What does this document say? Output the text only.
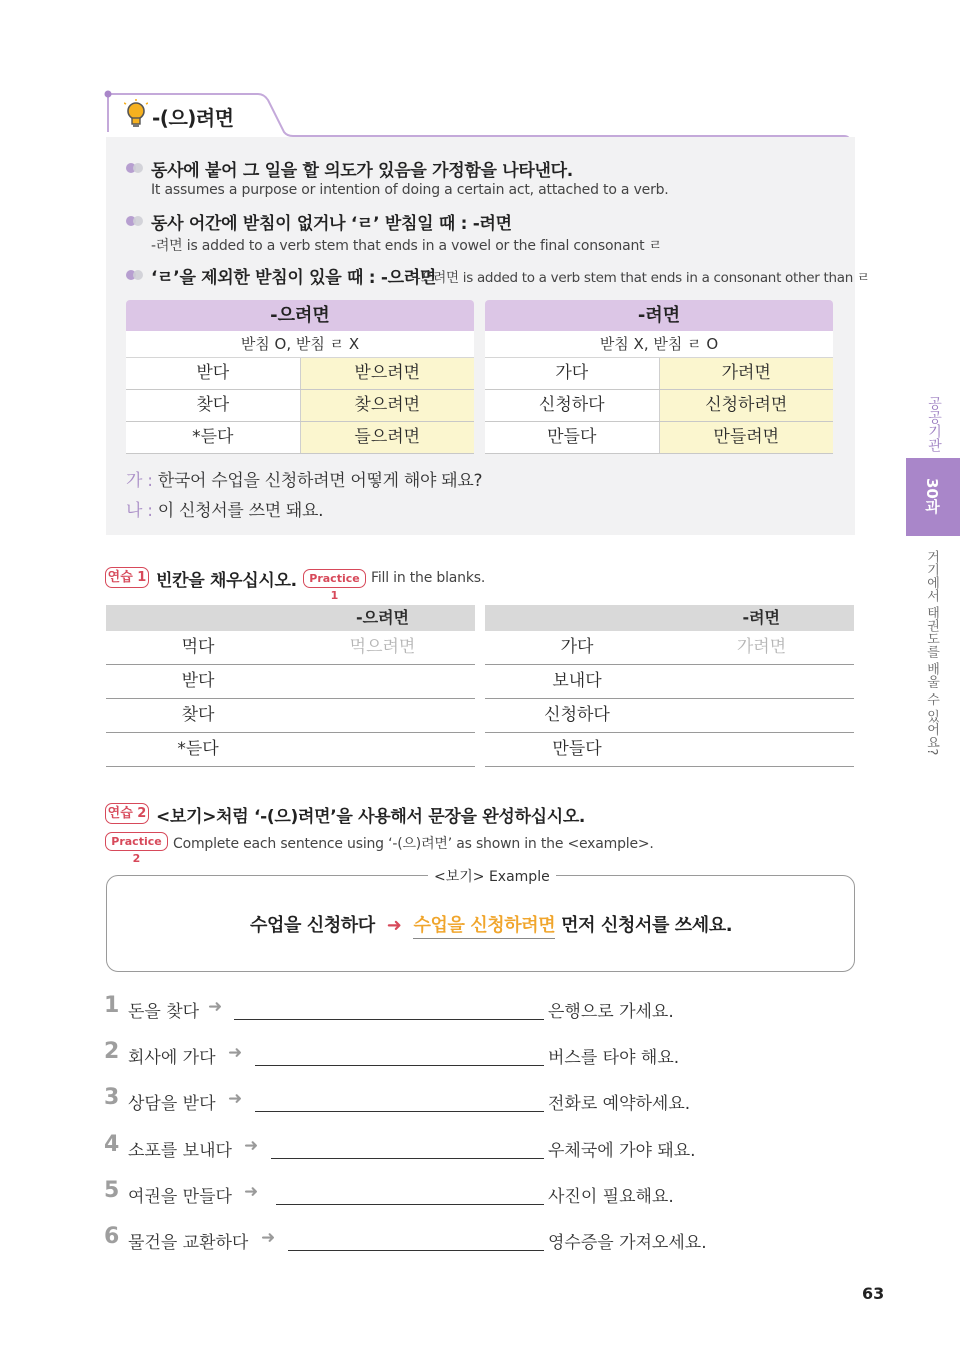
-(으)려면
동사에 붙어 그 일을 할 의도가 있음을 가정함을 나타낸다.
It assumes a purpose or intention of doing a certain act, attached to a verb.
동사 어간에 받침이 없거나 ‘ㄹ’ 받침일 때 : -려면
-려면 is added to a verb stem that ends in a vowel or the final consonant ㄹ
‘ㄹ’을 제외한 받침이 있을 때 : -으려면
-으려면 is added to a verb stem that ends in a consonant other than ㄹ
-으려면
받침 O, 받침 ㄹ X
받다	받으려면
찾다	찾으려면
*듣다	들으려면
-려면
받침 X, 받침 ㄹ O
가다	가려면
신청하다	신청하려면
만들다	만들려면
가 : 한국어 수업을 신청하려면 어떻게 해야 돼요?
나 : 이 신청서를 쓰면 돼요.
연습 1 빈칸을 채우십시오.	Practice 1
Fill in the blanks.
-으려면
먹다	먹으려면
받다
찾다
*듣다
-려면
가다	가려면
보내다
신청하다
만들다
연습 2 <보기>처럼 ‘-(으)려면’을 사용해서 문장을 완성하십시오.
Practice 2
Complete each sentence using ‘-(으)려면’ as shown in the <example>.
<보기> Example
수업을 신청하다 ➜ 수업을 신청하려면 먼저 신청서를 쓰세요.
1 돈을 찾다 ➜	은행으로 가세요.
2 회사에 가다 ➜	버스를 타야 해요.
3 상담을 받다 ➜	전화로 예약하세요.
4 소포를 보내다 ➜	우체국에 가야 돼요.
5 여권을 만들다 ➜	사진이 필요해요.
6 물건을 교환하다 ➜	영수증을 가져오세요.
공공기관
30과
거기에서 태권도를 배울 수 있어요?
63
